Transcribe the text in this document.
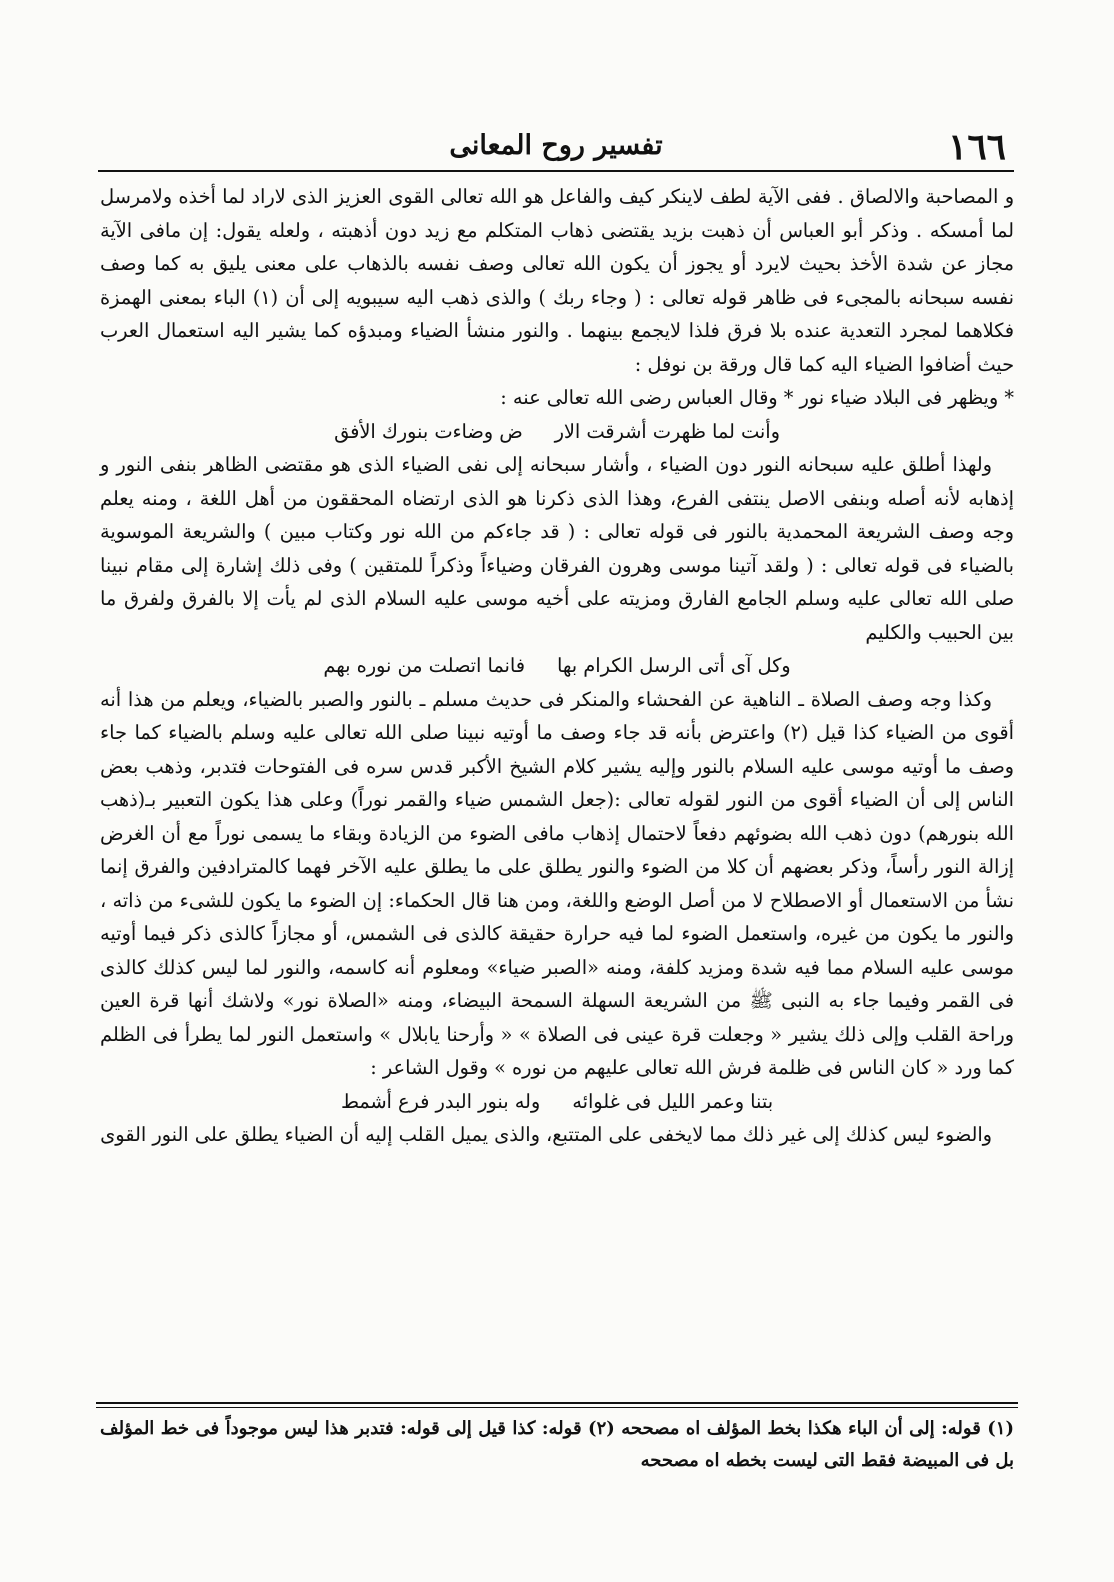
١٦٦
تفسير روح المعانى

و المصاحبة والالصاق . ففى الآية لطف لاينكر كيف والفاعل هو الله تعالى القوى العزيز الذى لاراد لما أخذه ولامرسل لما أمسكه . وذكر أبو العباس أن ذهبت بزيد يقتضى ذهاب المتكلم مع زيد دون أذهبته ، ولعله يقول: إن مافى الآية مجاز عن شدة الأخذ بحيث لايرد أو يجوز أن يكون الله تعالى وصف نفسه بالذهاب على معنى يليق به كما وصف نفسه سبحانه بالمجىء فى ظاهر قوله تعالى : ( وجاء ربك ) والذى ذهب اليه سيبويه إلى أن (١) الباء بمعنى الهمزة فكلاهما لمجرد التعدية عنده بلا فرق فلذا لايجمع بينهما . والنور منشأ الضياء ومبدؤه كما يشير اليه استعمال العرب حيث أضافوا الضياء اليه كما قال ورقة بن نوفل :

* ويظهر فى البلاد ضياء نور * وقال العباس رضى الله تعالى عنه :

وأنت لما ظهرت أشرقت الار
ض وضاءت بنورك الأفق

ولهذا أطلق عليه سبحانه النور دون الضياء ، وأشار سبحانه إلى نفى الضياء الذى هو مقتضى الظاهر بنفى النور و إذهابه لأنه أصله وبنفى الاصل ينتفى الفرع، وهذا الذى ذكرنا هو الذى ارتضاه المحققون من أهل اللغة ، ومنه يعلم وجه وصف الشريعة المحمدية بالنور فى قوله تعالى : ( قد جاءكم من الله نور وكتاب مبين ) والشريعة الموسوية بالضياء فى قوله تعالى : ( ولقد آتينا موسى وهرون الفرقان وضياءاً وذكراً للمتقين ) وفى ذلك إشارة إلى مقام نبينا صلى الله تعالى عليه وسلم الجامع الفارق ومزيته على أخيه موسى عليه السلام الذى لم يأت إلا بالفرق ولفرق ما بين الحبيب والكليم

وكل آى أتى الرسل الكرام بها
فانما اتصلت من نوره بهم

وكذا وجه وصف الصلاة ـ الناهية عن الفحشاء والمنكر فى حديث مسلم ـ بالنور والصبر بالضياء، ويعلم من هذا أنه أقوى من الضياء كذا قيل (٢) واعترض بأنه قد جاء وصف ما أوتيه نبينا صلى الله تعالى عليه وسلم بالضياء كما جاء وصف ما أوتيه موسى عليه السلام بالنور وإليه يشير كلام الشيخ الأكبر قدس سره فى الفتوحات فتدبر، وذهب بعض الناس إلى أن الضياء أقوى من النور لقوله تعالى :(جعل الشمس ضياء والقمر نوراً) وعلى هذا يكون التعبير بـ(ذهب الله بنورهم) دون ذهب الله بضوئهم دفعاً لاحتمال إذهاب مافى الضوء من الزيادة وبقاء ما يسمى نوراً مع أن الغرض إزالة النور رأساً، وذكر بعضهم أن كلا من الضوء والنور يطلق على ما يطلق عليه الآخر فهما كالمترادفين والفرق إنما نشأ من الاستعمال أو الاصطلاح لا من أصل الوضع واللغة، ومن هنا قال الحكماء: إن الضوء ما يكون للشىء من ذاته ، والنور ما يكون من غيره، واستعمل الضوء لما فيه حرارة حقيقة كالذى فى الشمس، أو مجازاً كالذى ذكر فيما أوتيه موسى عليه السلام مما فيه شدة ومزيد كلفة، ومنه «الصبر ضياء» ومعلوم أنه كاسمه، والنور لما ليس كذلك كالذى فى القمر وفيما جاء به النبى ﷺ من الشريعة السهلة السمحة البيضاء، ومنه «الصلاة نور» ولاشك أنها قرة العين وراحة القلب وإلى ذلك يشير « وجعلت قرة عينى فى الصلاة » « وأرحنا يابلال » واستعمل النور لما يطرأ فى الظلم كما ورد « كان الناس فى ظلمة فرش الله تعالى عليهم من نوره » وقول الشاعر :

بتنا وعمر الليل فى غلوائه
وله بنور البدر فرع أشمط

والضوء ليس كذلك إلى غير ذلك مما لايخفى على المتتبع، والذى يميل القلب إليه أن الضياء يطلق على النور القوى

(١) قوله: إلى أن الباء هكذا بخط المؤلف اه مصححه (٢) قوله: كذا قيل إلى قوله: فتدبر هذا ليس موجوداً فى خط المؤلف بل فى المبيضة فقط التى ليست بخطه اه مصححه
